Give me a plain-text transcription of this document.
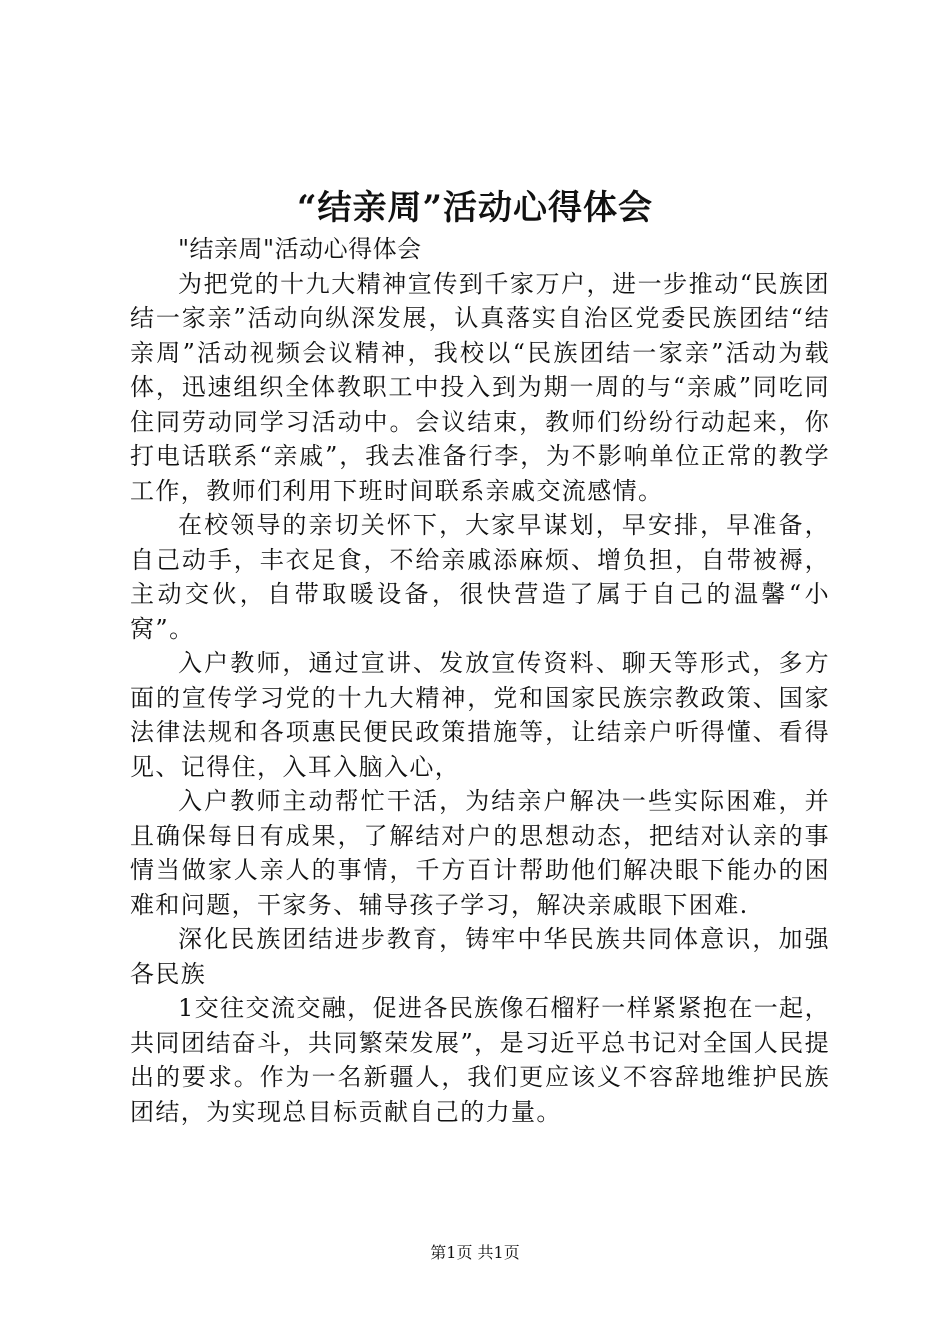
“结亲周”活动心得体会

"结亲周"活动心得体会

为把党的十九大精神宣传到千家万户，进一步推动“民族团结一家亲”活动向纵深发展，认真落实自治区党委民族团结“结亲周”活动视频会议精神，我校以“民族团结一家亲”活动为载体，迅速组织全体教职工中投入到为期一周的与“亲戚”同吃同住同劳动同学习活动中。会议结束，教师们纷纷行动起来，你打电话联系“亲戚”，我去准备行李，为不影响单位正常的教学工作，教师们利用下班时间联系亲戚交流感情。

在校领导的亲切关怀下，大家早谋划，早安排，早准备，自己动手，丰衣足食，不给亲戚添麻烦、增负担，自带被褥，主动交伙，自带取暖设备，很快营造了属于自己的温馨“小窝”。

入户教师，通过宣讲、发放宣传资料、聊天等形式，多方面的宣传学习党的十九大精神，党和国家民族宗教政策、国家法律法规和各项惠民便民政策措施等，让结亲户听得懂、看得见、记得住，入耳入脑入心，

入户教师主动帮忙干活，为结亲户解决一些实际困难，并且确保每日有成果，了解结对户的思想动态，把结对认亲的事情当做家人亲人的事情，千方百计帮助他们解决眼下能办的困难和问题，干家务、辅导孩子学习，解决亲戚眼下困难.

深化民族团结进步教育，铸牢中华民族共同体意识，加强各民族

1交往交流交融，促进各民族像石榴籽一样紧紧抱在一起，共同团结奋斗，共同繁荣发展”，是习近平总书记对全国人民提出的要求。作为一名新疆人，我们更应该义不容辞地维护民族团结，为实现总目标贡献自己的力量。

第1页 共1页
